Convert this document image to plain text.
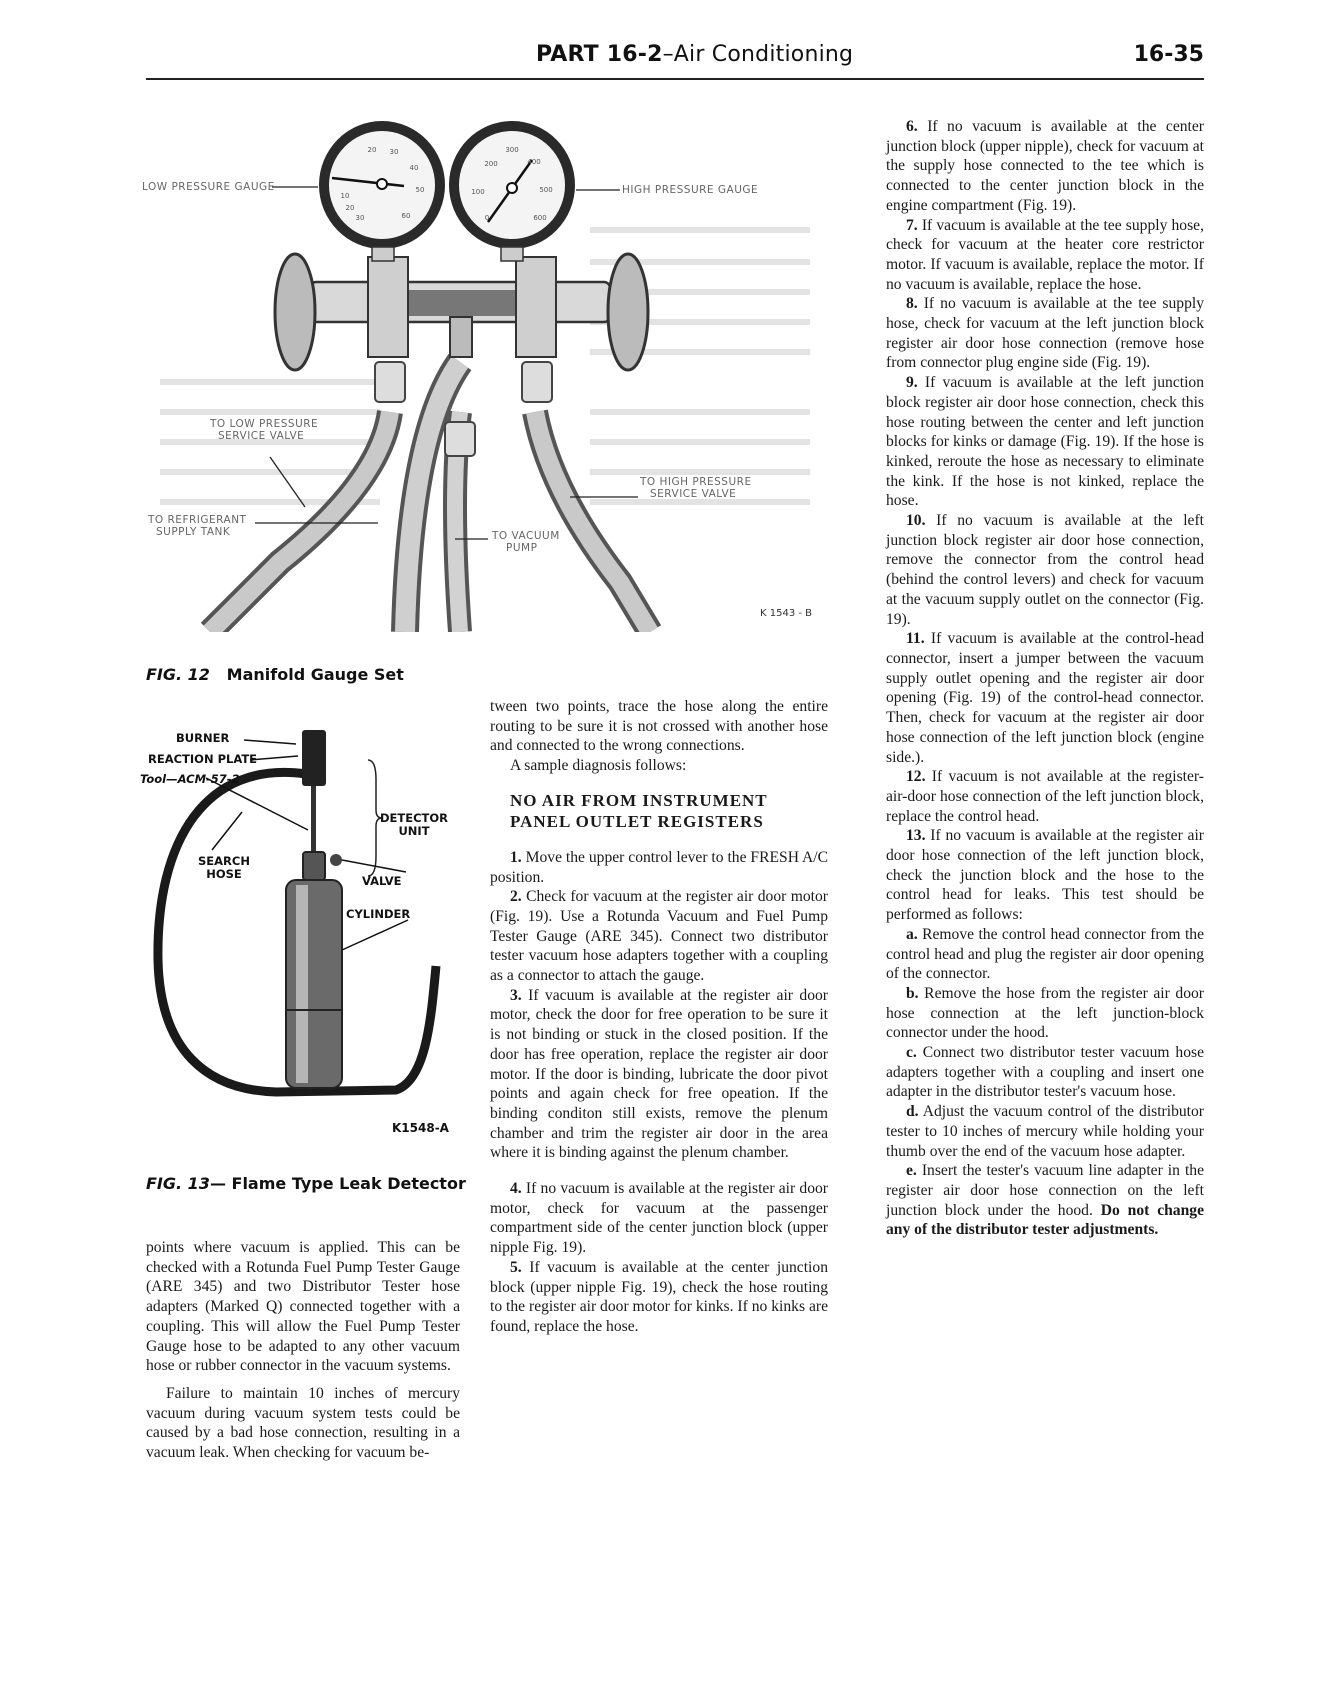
PART 16-2–Air Conditioning	16-35
20 30
40
50
10
20
30	60	0
100
200
300
400
500
600
LOW PRESSURE GAUGE	HIGH PRESSURE GAUGE
TO LOW PRESSURE
SERVICE VALVE
TO HIGH PRESSURE
SERVICE VALVE
TO REFRIGERANT
SUPPLY TANK	TO VACUUM
PUMP
K 1543 - B
FIG. 12 Manifold Gauge Set
BURNER
REACTION PLATE
Tool—ACM-57-2
DETECTOR
UNIT
SEARCH
HOSE	VALVE
CYLINDER
K1548-A
FIG. 13— Flame Type Leak Detector

points where vacuum is applied. This can be checked with a Rotunda Fuel Pump Tester Gauge (ARE 345) and two Distributor Tester hose adapters (Marked Q) connected together with a coupling. This will allow the Fuel Pump Tester Gauge hose to be adapted to any other vacuum hose or rubber connector in the vacuum systems.

Failure to maintain 10 inches of mercury vacuum during vacuum system tests could be caused by a bad hose connection, resulting in a vacuum leak. When checking for vacuum be-

tween two points, trace the hose along the entire routing to be sure it is not crossed with another hose and connected to the wrong connections.

A sample diagnosis follows:

NO AIR FROM INSTRUMENT PANEL OUTLET REGISTERS

1. Move the upper control lever to the FRESH A/C position.

2. Check for vacuum at the register air door motor (Fig. 19). Use a Rotunda Vacuum and Fuel Pump Tester Gauge (ARE 345). Connect two distributor tester vacuum hose adapters together with a coupling as a connector to attach the gauge.

3. If vacuum is available at the register air door motor, check the door for free operation to be sure it is not binding or stuck in the closed position. If the door has free operation, replace the register air door motor. If the door is binding, lubricate the door pivot points and again check for free opeation. If the binding conditon still exists, remove the plenum chamber and trim the register air door in the area where it is binding against the plenum chamber.

4. If no vacuum is available at the register air door motor, check for vacuum at the passenger compartment side of the center junction block (upper nipple Fig. 19).

5. If vacuum is available at the center junction block (upper nipple Fig. 19), check the hose routing to the register air door motor for kinks. If no kinks are found, replace the hose.

6. If no vacuum is available at the center junction block (upper nipple), check for vacuum at the supply hose connected to the tee which is connected to the center junction block in the engine compartment (Fig. 19).

7. If vacuum is available at the tee supply hose, check for vacuum at the heater core restrictor motor. If vacuum is available, replace the motor. If no vacuum is available, replace the hose.

8. If no vacuum is available at the tee supply hose, check for vacuum at the left junction block register air door hose connection (remove hose from connector plug engine side (Fig. 19).

9. If vacuum is available at the left junction block register air door hose connection, check this hose routing between the center and left junction blocks for kinks or damage (Fig. 19). If the hose is kinked, reroute the hose as necessary to eliminate the kink. If the hose is not kinked, replace the hose.

10. If no vacuum is available at the left junction block register air door hose connection, remove the connector from the control head (behind the control levers) and check for vacuum at the vacuum supply outlet on the connector (Fig. 19).

11. If vacuum is available at the control-head connector, insert a jumper between the vacuum supply outlet opening and the register air door opening (Fig. 19) of the control-head connector. Then, check for vacuum at the register air door hose connection of the left junction block (engine side.).

12. If vacuum is not available at the register-air-door hose connection of the left junction block, replace the control head.

13. If no vacuum is available at the register air door hose connection of the left junction block, check the junction block and the hose to the control head for leaks. This test should be performed as follows:

a. Remove the control head connector from the control head and plug the register air door opening of the connector.

b. Remove the hose from the register air door hose connection at the left junction-block connector under the hood.

c. Connect two distributor tester vacuum hose adapters together with a coupling and insert one adapter in the distributor tester's vacuum hose.

d. Adjust the vacuum control of the distributor tester to 10 inches of mercury while holding your thumb over the end of the vacuum hose adapter.

e. Insert the tester's vacuum line adapter in the register air door hose connection on the left junction block under the hood. Do not change any of the distributor tester adjustments.
